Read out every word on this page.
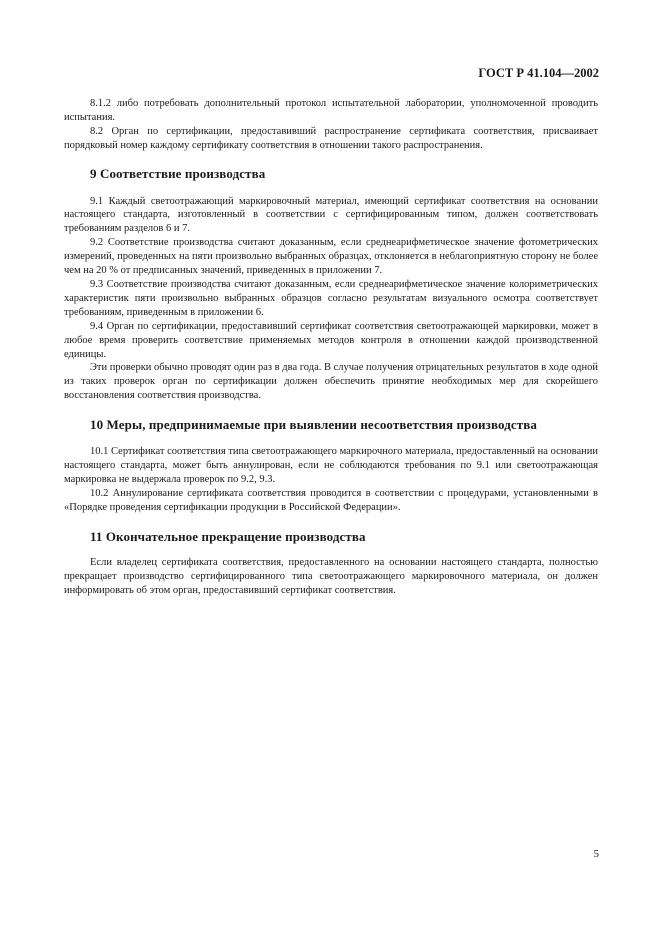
ГОСТ Р 41.104—2002

8.1.2 либо потребовать дополнительный протокол испытательной лаборатории, уполномоченной проводить испытания.

8.2 Орган по сертификации, предоставивший распространение сертификата соответствия, присваивает порядковый номер каждому сертификату соответствия в отношении такого распространения.

9 Соответствие производства

9.1 Каждый светоотражающий маркировочный материал, имеющий сертификат соответствия на основании настоящего стандарта, изготовленный в соответствии с сертифицированным типом, должен соответствовать требованиям разделов 6 и 7.

9.2 Соответствие производства считают доказанным, если среднеарифметическое значение фотометрических измерений, проведенных на пяти произвольно выбранных образцах, отклоняется в неблагоприятную сторону не более чем на 20 % от предписанных значений, приведенных в приложении 7.

9.3 Соответствие производства считают доказанным, если среднеарифметическое значение колориметрических характеристик пяти произвольно выбранных образцов согласно результатам визуального осмотра соответствует требованиям, приведенным в приложении 6.

9.4 Орган по сертификации, предоставивший сертификат соответствия светоотражающей маркировки, может в любое время проверить соответствие применяемых методов контроля в отношении каждой производственной единицы.

Эти проверки обычно проводят один раз в два года. В случае получения отрицательных результатов в ходе одной из таких проверок орган по сертификации должен обеспечить принятие необходимых мер для скорейшего восстановления соответствия производства.

10 Меры, предпринимаемые при выявлении несоответствия производства

10.1 Сертификат соответствия типа светоотражающего маркирочного материала, предоставленный на основании настоящего стандарта, может быть аннулирован, если не соблюдаются требования по 9.1 или светоотражающая маркировка не выдержала проверок по 9.2, 9.3.

10.2 Аннулирование сертификата соответствия проводится в соответствии с процедурами, установленными в «Порядке проведения сертификации продукции в Российской Федерации».

11 Окончательное прекращение производства

Если владелец сертификата соответствия, предоставленного на основании настоящего стандарта, полностью прекращает производство сертифицированного типа светоотражающего маркировочного материала, он должен информировать об этом орган, предоставивший сертификат соответствия.

5
